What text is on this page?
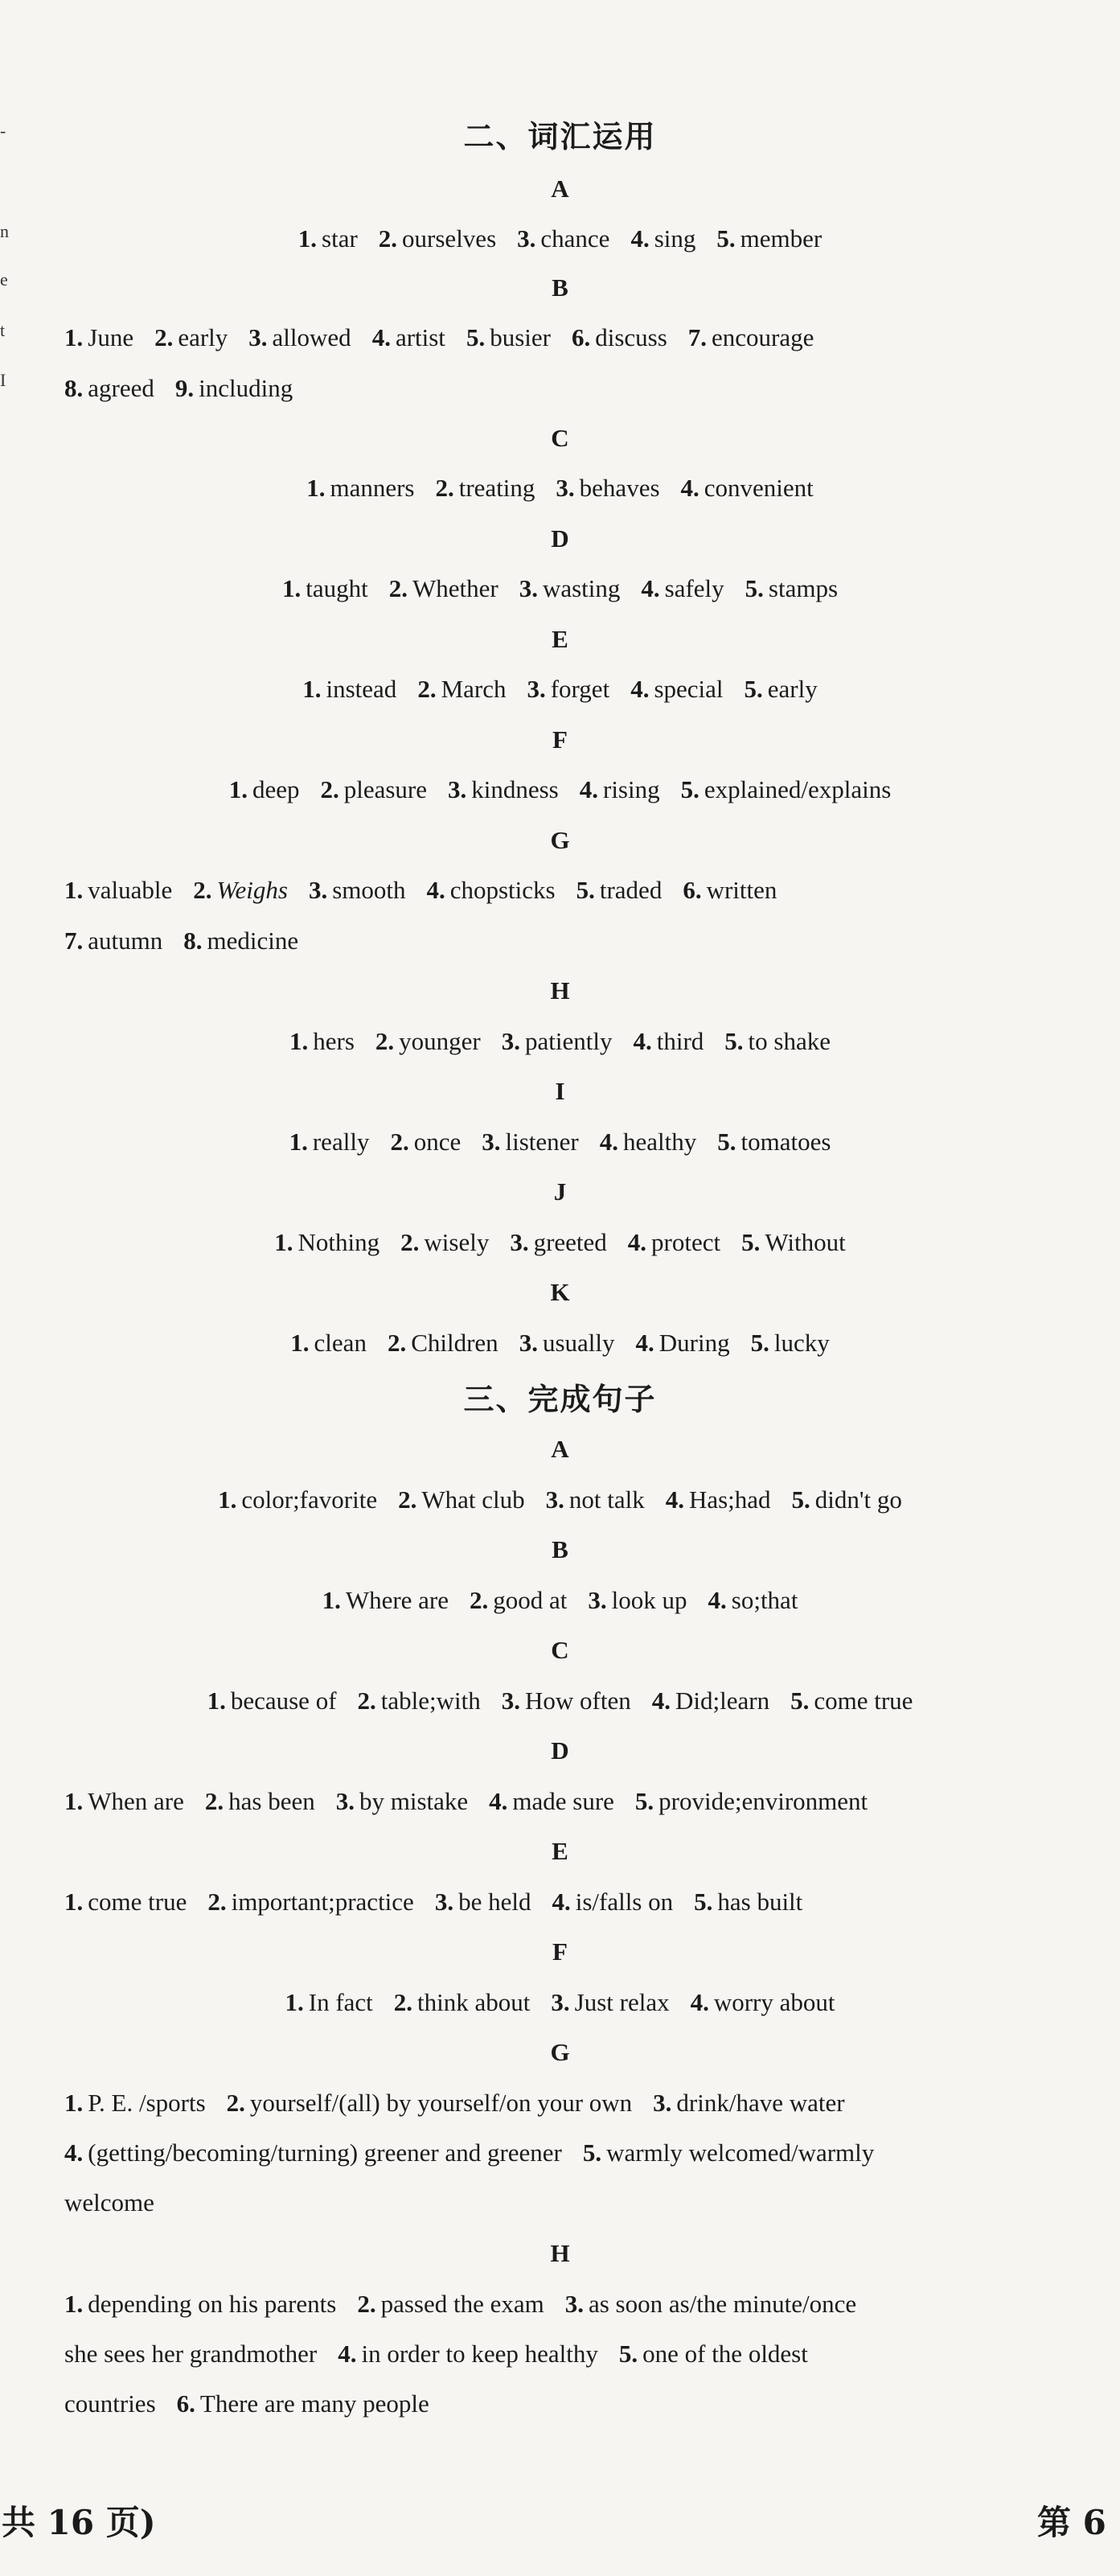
-
n
e
t
I
二、词汇运用
A
1. star 2. ourselves 3. chance 4. sing 5. member
B
1. June 2. early 3. allowed 4. artist 5. busier 6. discuss 7. encourage
8. agreed 9. including
C
1. manners 2. treating 3. behaves 4. convenient
D
1. taught 2. Whether 3. wasting 4. safely 5. stamps
E
1. instead 2. March 3. forget 4. special 5. early
F
1. deep 2. pleasure 3. kindness 4. rising 5. explained/explains
G
1. valuable 2. Weighs 3. smooth 4. chopsticks 5. traded 6. written
7. autumn 8. medicine
H
1. hers 2. younger 3. patiently 4. third 5. to shake
I
1. really 2. once 3. listener 4. healthy 5. tomatoes
J
1. Nothing 2. wisely 3. greeted 4. protect 5. Without
K
1. clean 2. Children 3. usually 4. During 5. lucky
三、完成句子
A
1. color;favorite 2. What club 3. not talk 4. Has;had 5. didn't go
B
1. Where are 2. good at 3. look up 4. so;that
C
1. because of 2. table;with 3. How often 4. Did;learn 5. come true
D
1. When are 2. has been 3. by mistake 4. made sure 5. provide;environment
E
1. come true 2. important;practice 3. be held 4. is/falls on 5. has built
F
1. In fact 2. think about 3. Just relax 4. worry about
G
1. P. E. /sports 2. yourself/(all) by yourself/on your own 3. drink/have water
4. (getting/becoming/turning) greener and greener 5. warmly welcomed/warmly
welcome
H
1. depending on his parents 2. passed the exam 3. as soon as/the minute/once
she sees her grandmother 4. in order to keep healthy 5. one of the oldest
countries 6. There are many people
共 16 页)	第 6
